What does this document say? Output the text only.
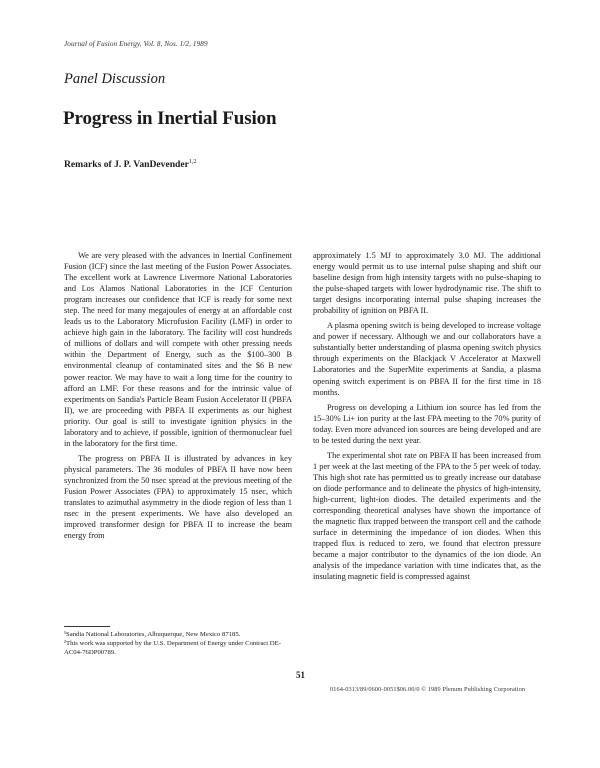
Journal of Fusion Energy, Vol. 8, Nos. 1/2, 1989
Panel Discussion
Progress in Inertial Fusion
Remarks of J. P. VanDevender$^{1,2}$

We are very pleased with the advances in Inertial Confinement Fusion (ICF) since the last meeting of the Fusion Power Associates. The excellent work at Lawrence Livermore National Laboratories and Los Alamos National Laboratories in the ICF Centurion program increases our confidence that ICF is ready for some next step. The need for many megajoules of energy at an affordable cost leads us to the Laboratory Microfusion Facility (LMF) in order to achieve high gain in the laboratory. The facility will cost hundreds of millions of dollars and will compete with other pressing needs within the Department of Energy, such as the $100–300 B environmental cleanup of contaminated sites and the $6 B new power reactor. We may have to wait a long time for the country to afford an LMF. For these reasons and for the intrinsic value of experiments on Sandia's Particle Beam Fusion Accelerator II (PBFA II), we are proceeding with PBFA II experiments as our highest priority. Our goal is still to investigate ignition physics in the laboratory and to achieve, if possible, ignition of thermonuclear fuel in the laboratory for the first time.

The progress on PBFA II is illustrated by advances in key physical parameters. The 36 modules of PBFA II have now been synchronized from the 50 nsec spread at the previous meeting of the Fusion Power Associates (FPA) to approximately 15 nsec, which translates to azimuthal asymmetry in the diode region of less than 1 nsec in the present experiments. We have also developed an improved transformer design for PBFA II to increase the beam energy from

approximately 1.5 MJ to approximately 3.0 MJ. The additional energy would permit us to use internal pulse shaping and shift our baseline design from high intensity targets with no pulse-shaping to the pulse-shaped targets with lower hydrodynamic rise. The shift to target designs incorporating internal pulse shaping increases the probability of ignition on PBFA II.

A plasma opening switch is being developed to increase voltage and power if necessary. Although we and our collaborators have a substantially better understanding of plasma opening switch physics through experiments on the Blackjack V Accelerator at Maxwell Laboratories and the SuperMite experiments at Sandia, a plasma opening switch experiment is on PBFA II for the first time in 18 months.

Progress on developing a Lithium ion source has led from the 15–30% Li+ ion purity at the last FPA meeting to the 70% purity of today. Even more advanced ion sources are being developed and are to be tested during the next year.

The experimental shot rate on PBFA II has been increased from 1 per week at the last meeting of the FPA to the 5 per week of today. This high shot rate has permitted us to greatly increase our database on diode performance and to delineate the physics of high-intensity, high-current, light-ion diodes. The detailed experiments and the corresponding theoretical analyses have shown the importance of the magnetic flux trapped between the transport cell and the cathode surface in determining the impedance of ion diodes. When this trapped flux is reduced to zero, we found that electron pressure became a major contributor to the dynamics of the ion diode. An analysis of the impedance variation with time indicates that, as the insulating magnetic field is compressed against

¹Sandia National Laboratories, Albuquerque, New Mexico 87185.

²This work was supported by the U.S. Department of Energy under Contract DE-AC04-76DP00789.

51
0164-0313/89/0600-0051$06.00/0 © 1989 Plenum Publishing Corporation
